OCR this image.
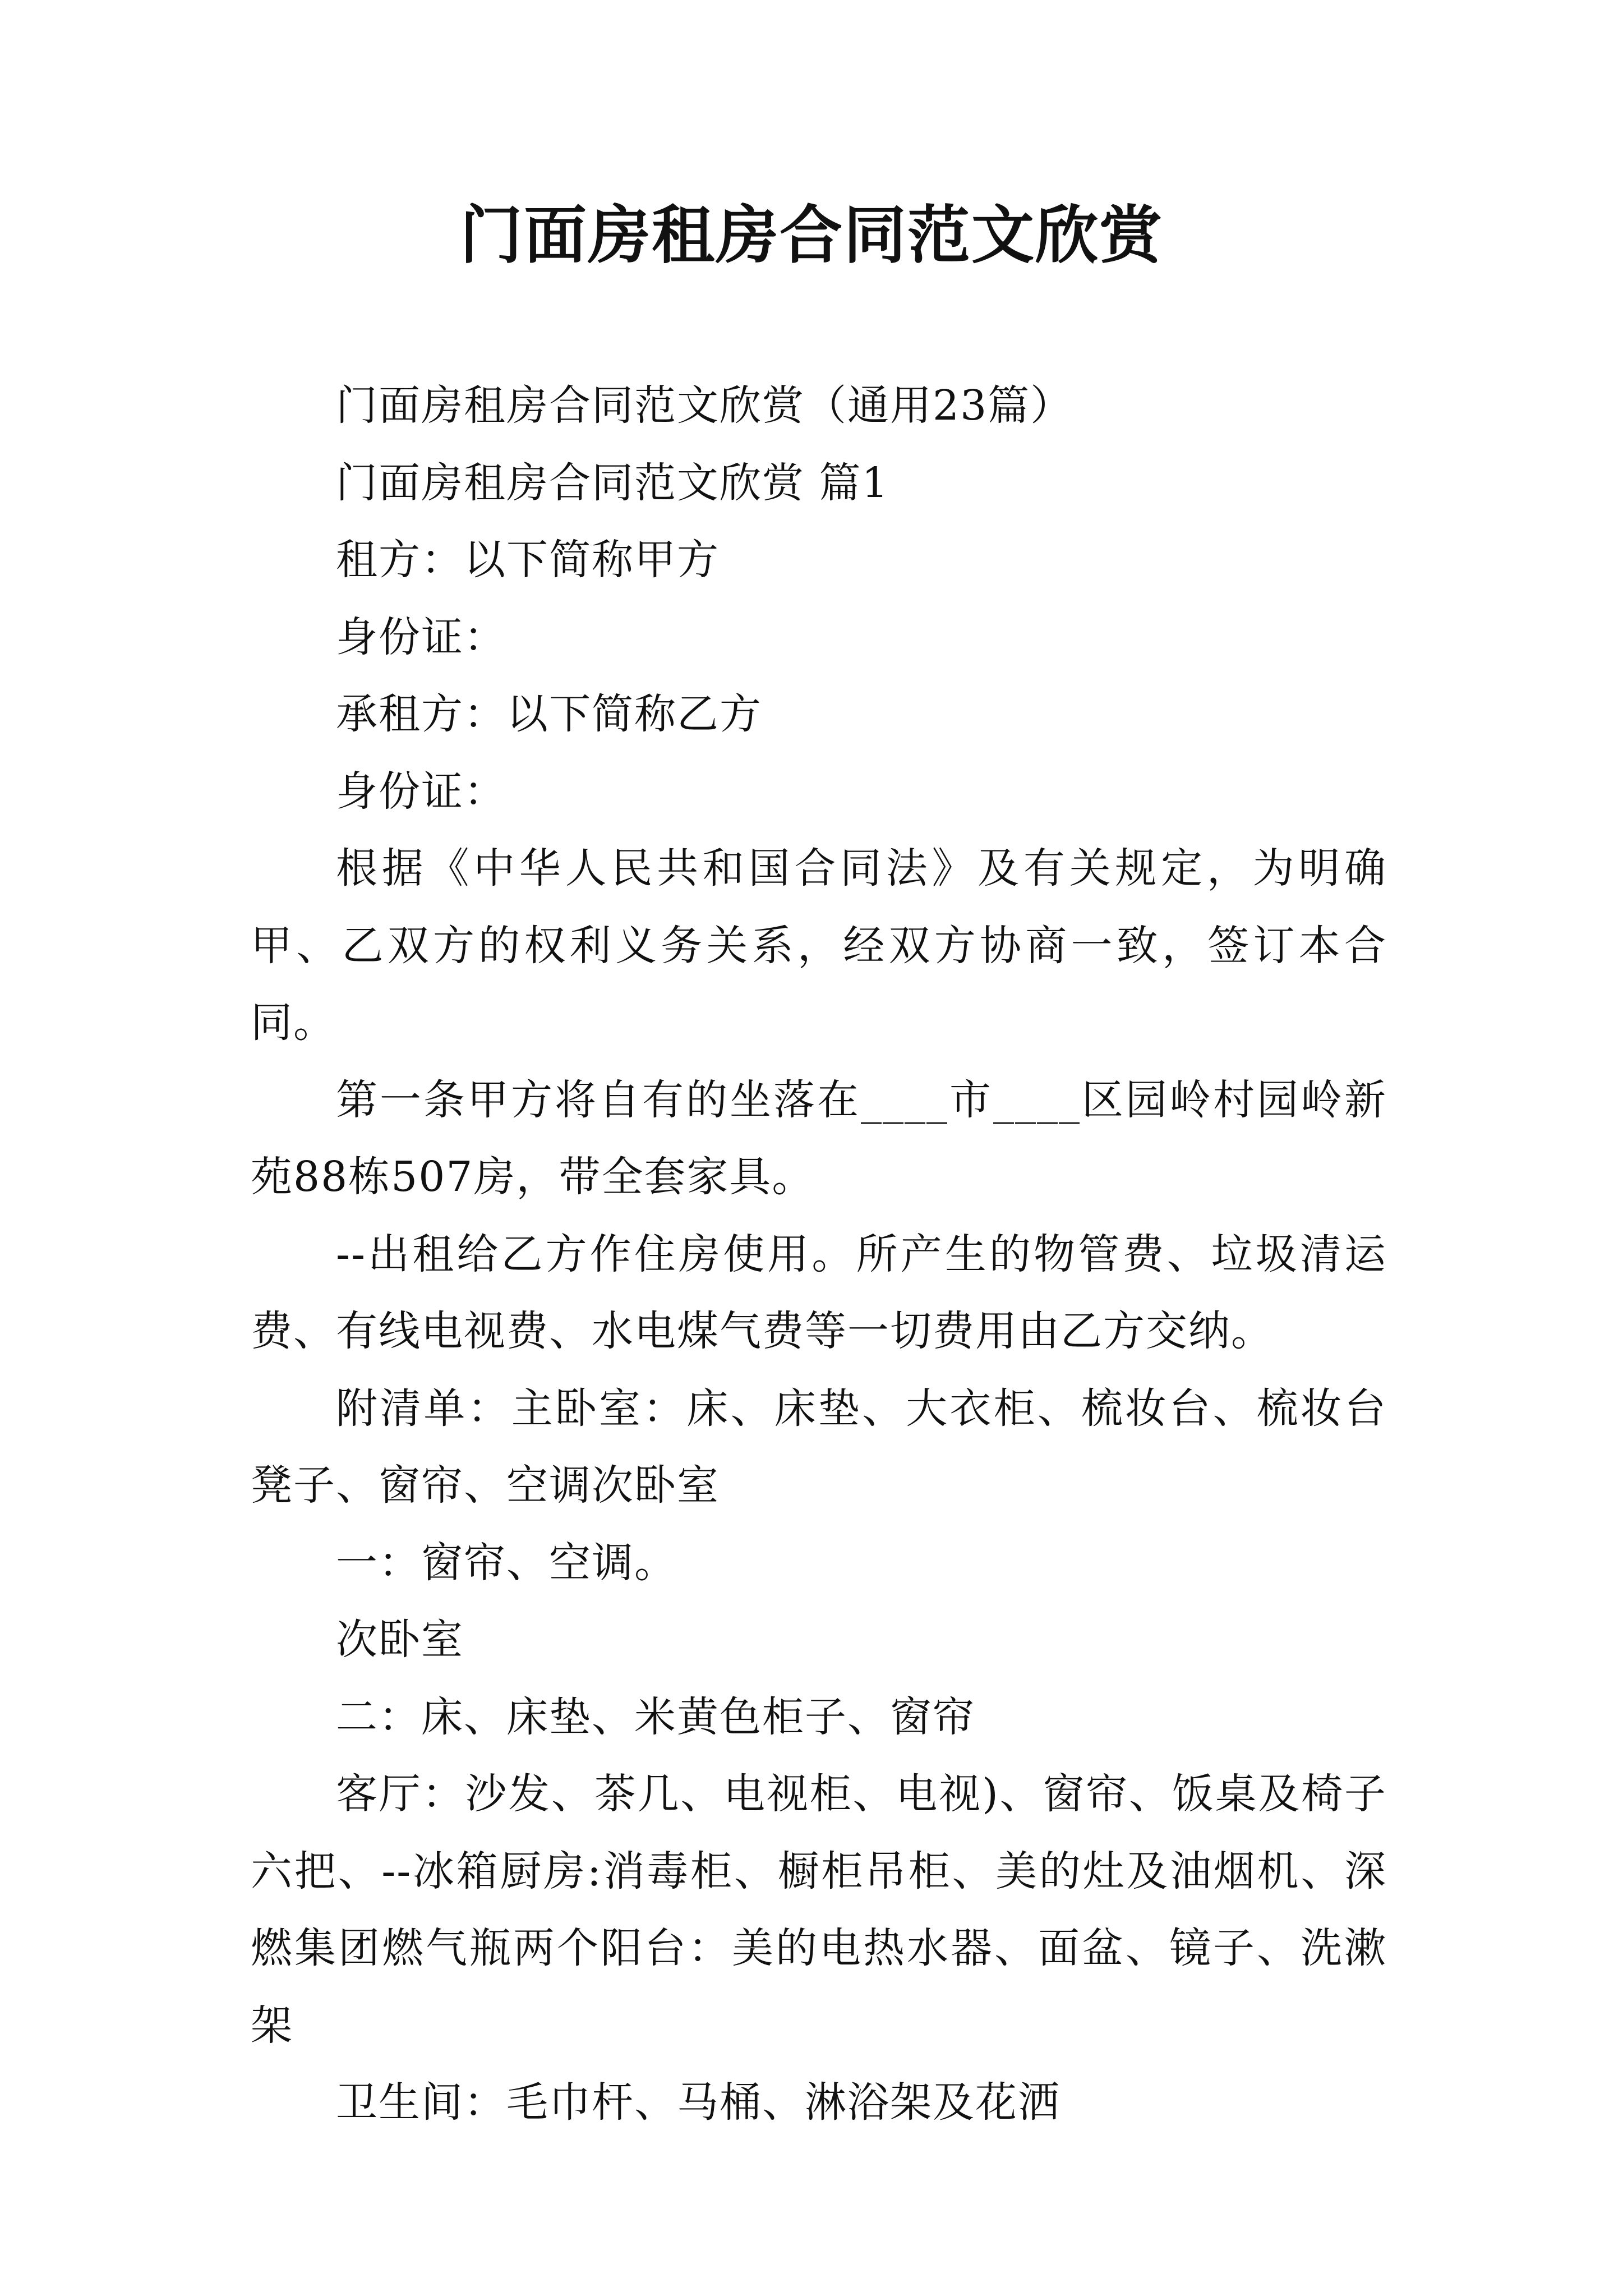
门面房租房合同范文欣赏

门面房租房合同范文欣赏（通用23篇）

门面房租房合同范文欣赏 篇1

租方：以下简称甲方

身份证：

承租方：以下简称乙方

身份证：

根据《中华人民共和国合同法》及有关规定，为明确甲、乙双方的权利义务关系，经双方协商一致，签订本合同。

第一条甲方将自有的坐落在____市____区园岭村园岭新苑88栋507房，带全套家具。

--出租给乙方作住房使用。所产生的物管费、垃圾清运费、有线电视费、水电煤气费等一切费用由乙方交纳。

附清单：主卧室：床、床垫、大衣柜、梳妆台、梳妆台凳子、窗帘、空调次卧室

一：窗帘、空调。

次卧室

二：床、床垫、米黄色柜子、窗帘

客厅：沙发、茶几、电视柜、电视)、窗帘、饭桌及椅子六把、--冰箱厨房:消毒柜、橱柜吊柜、美的灶及油烟机、深燃集团燃气瓶两个阳台：美的电热水器、面盆、镜子、洗漱架

卫生间：毛巾杆、马桶、淋浴架及花洒
